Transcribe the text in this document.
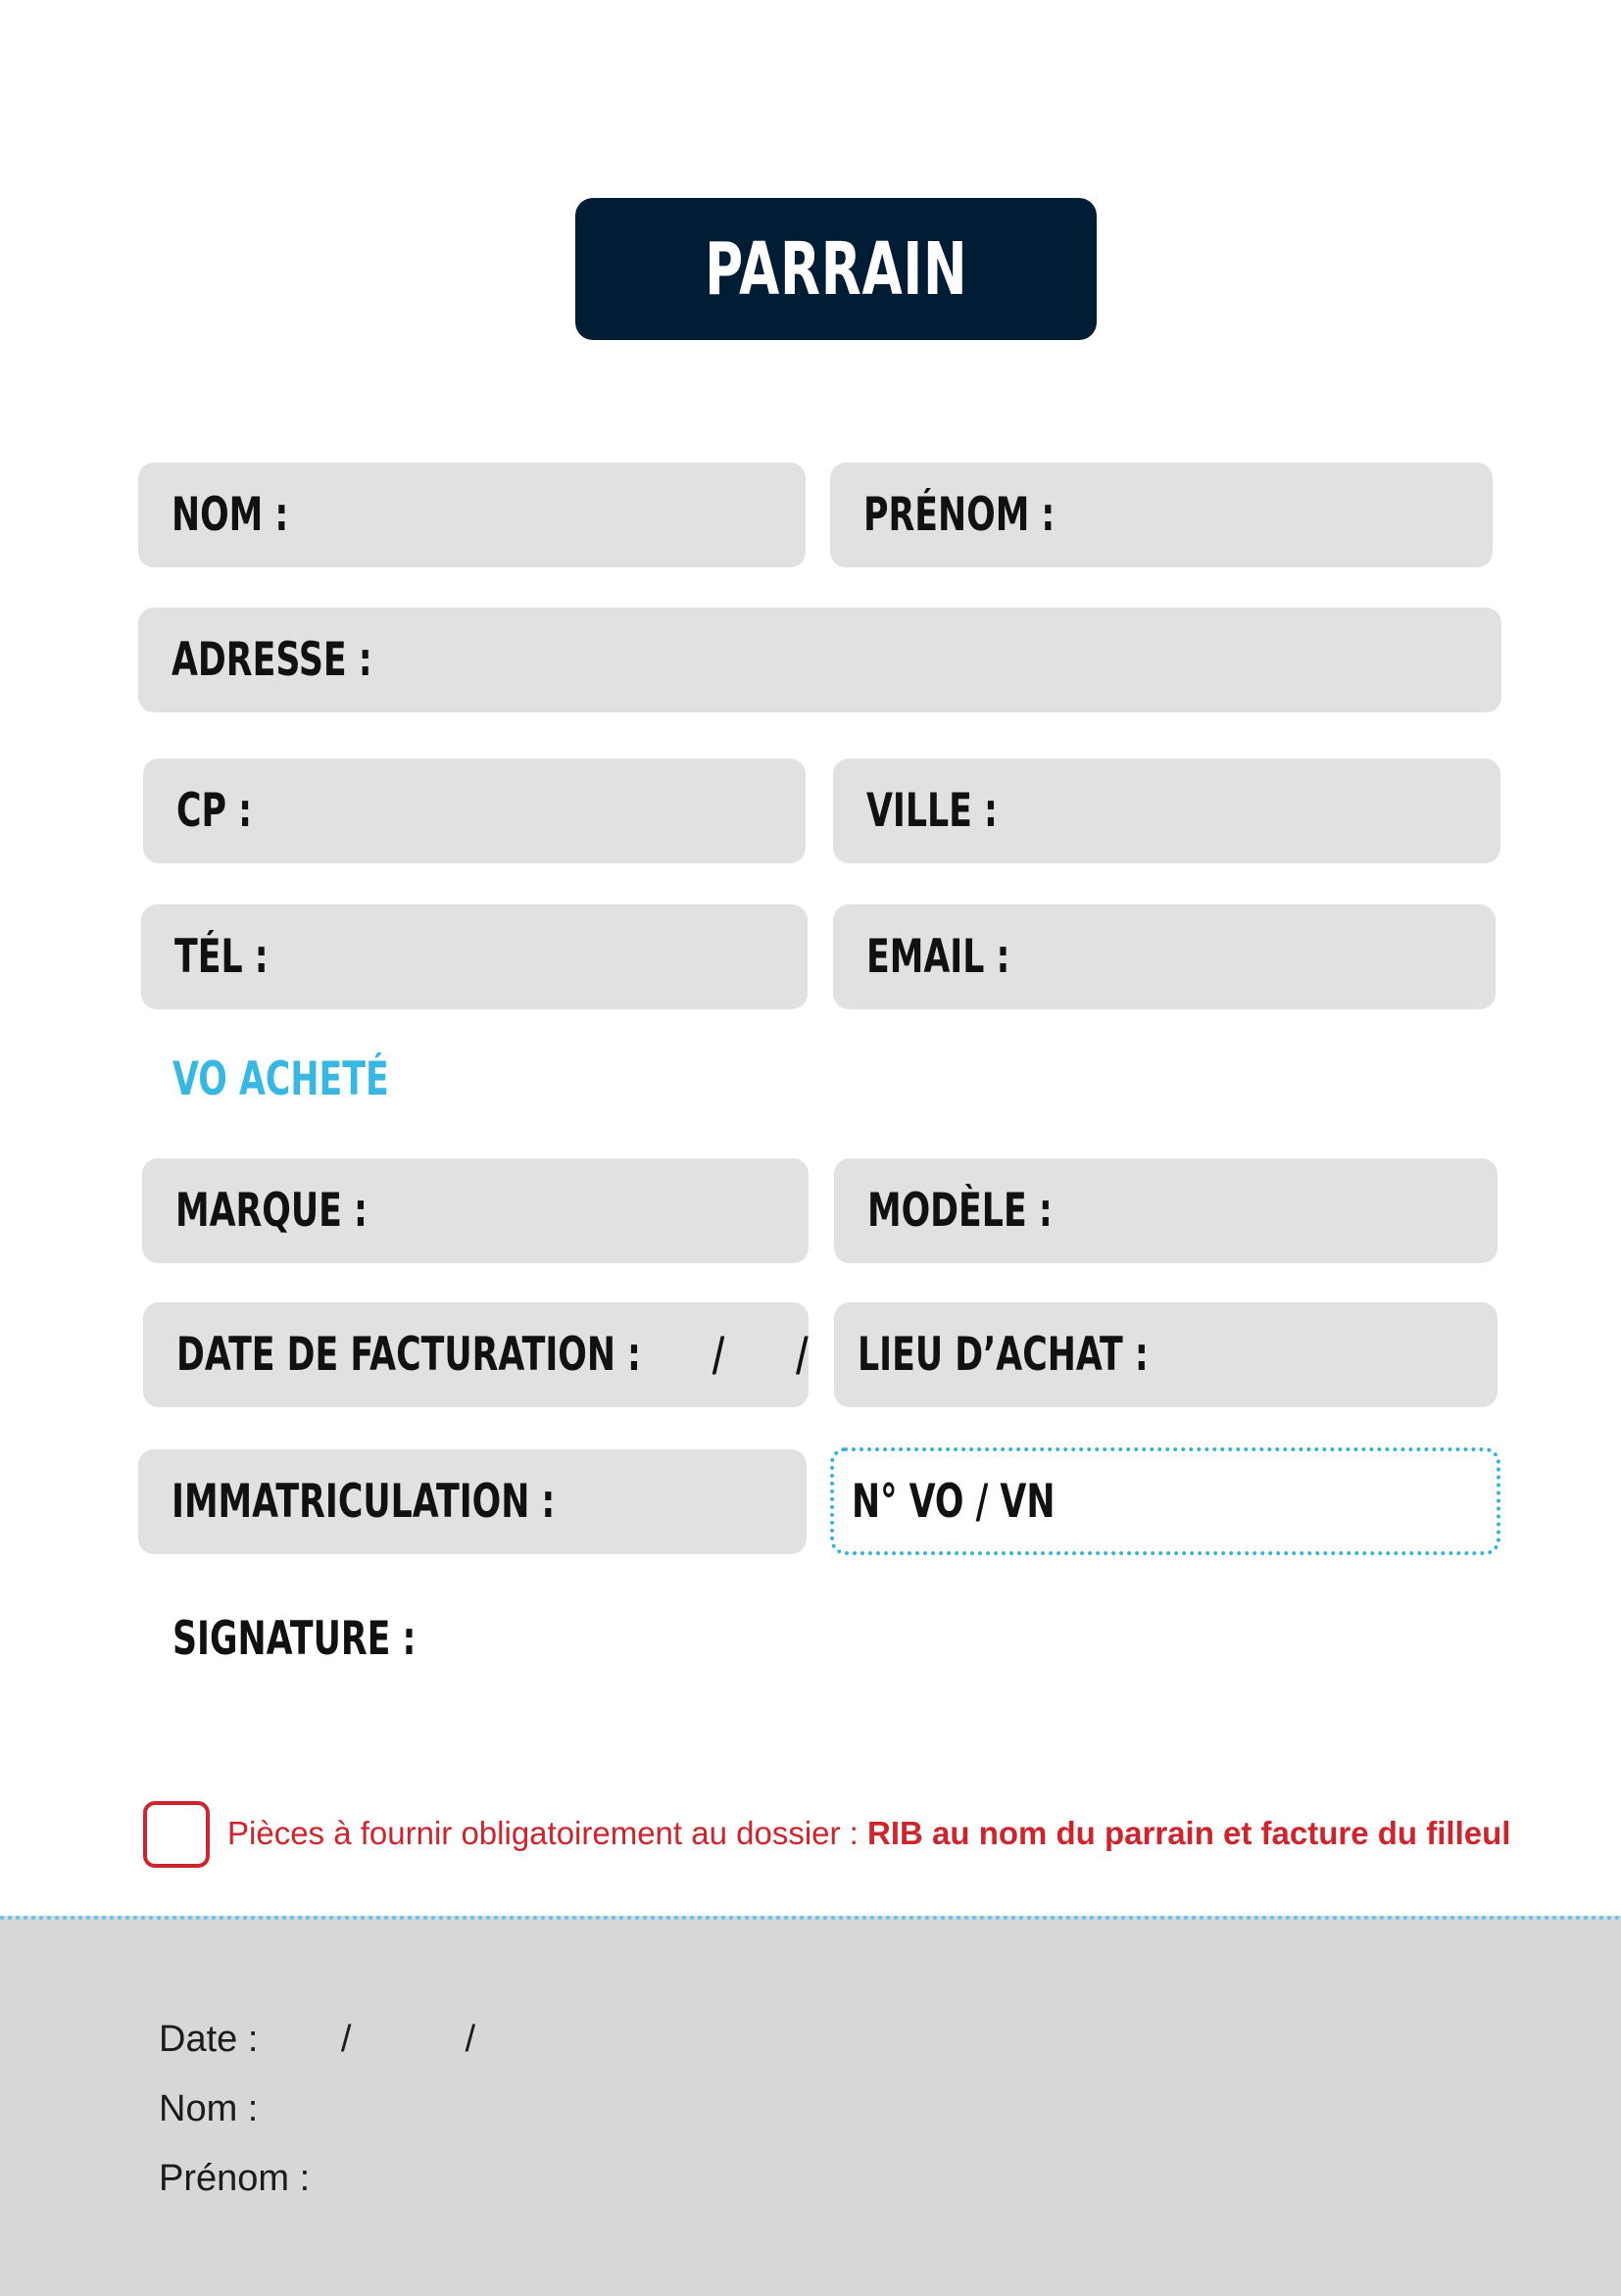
PARRAIN
NOM :	PRÉNOM :
ADRESSE :
CP :	VILLE :
TÉL :	EMAIL :
VO ACHETÉ
MARQUE :	MODÈLE :
DATE DE FACTURATION :      /      / LIEU D’ACHAT :
IMMATRICULATION :	N° VO / VN
SIGNATURE :
Pièces à fournir obligatoirement au dossier : RIB au nom du parrain et facture du filleul
Date :        /           /
Nom :
Prénom :
